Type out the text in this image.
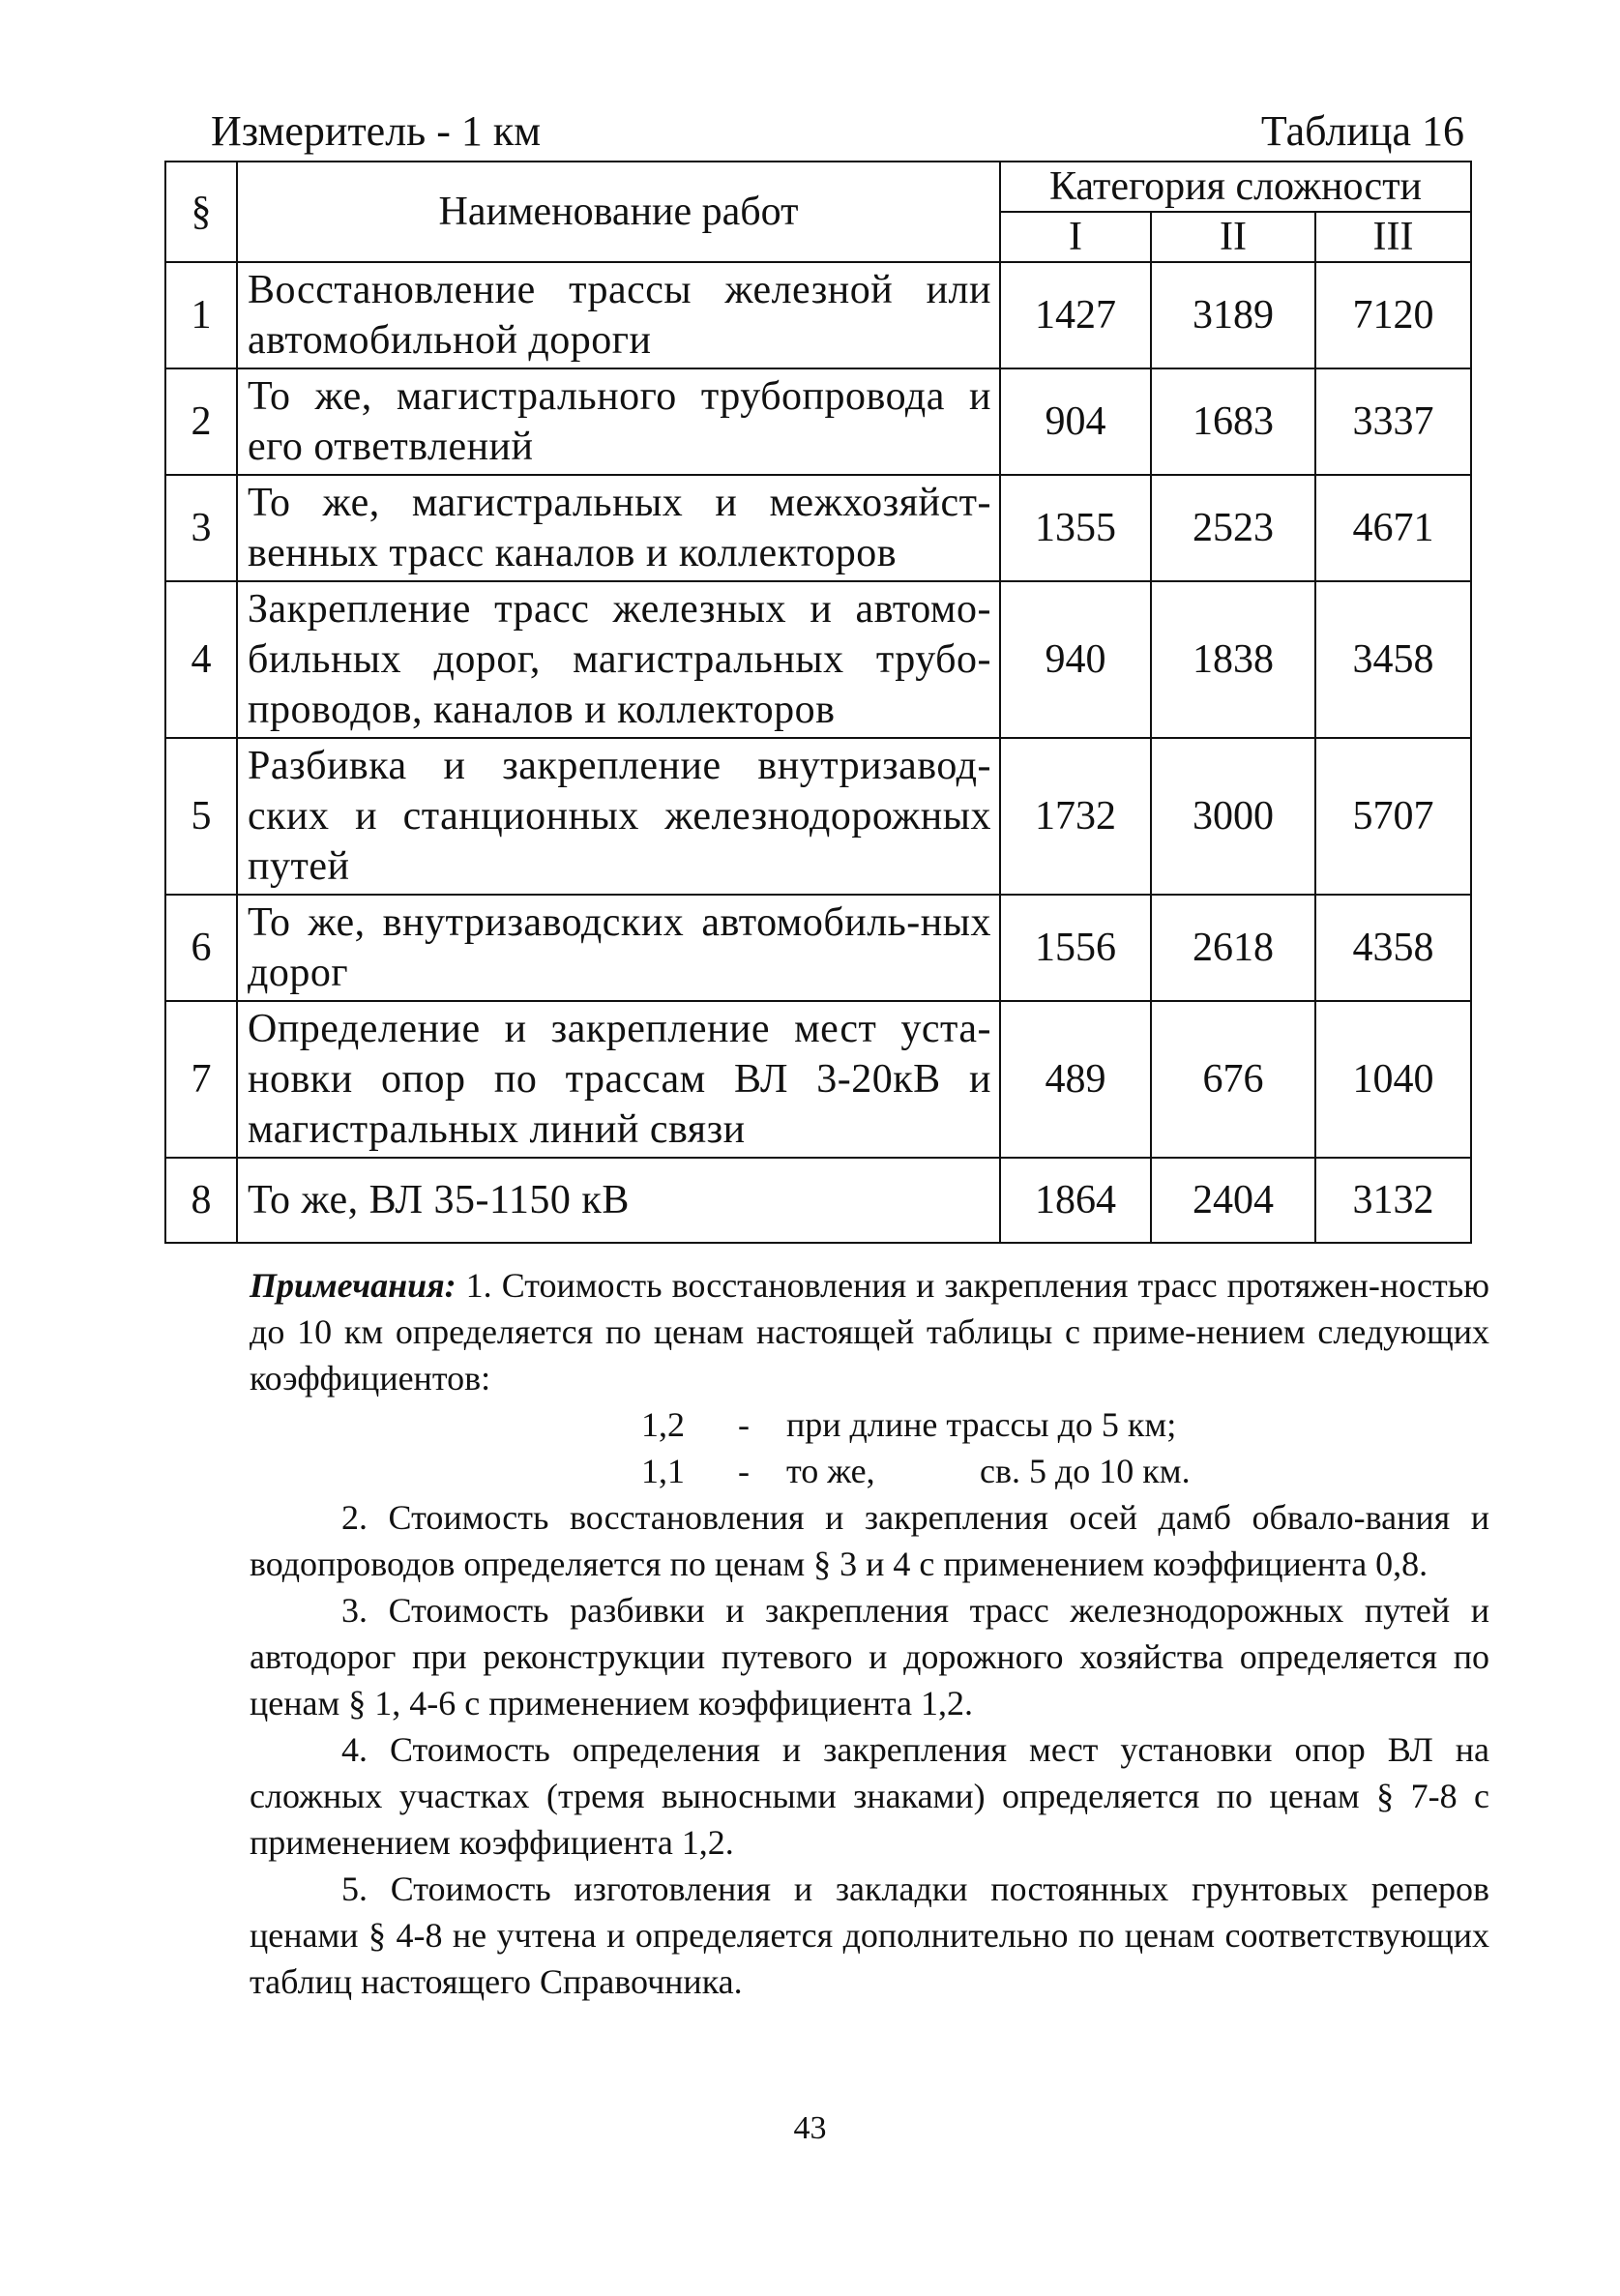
Измеритель - 1 км	Таблица 16
§	Наименование работ	Категория сложности		
		I	II	III
1	Восстановление трассы железной или автомобильной дороги	1427	3189	7120
2	То же, магистрального трубопровода и его ответвлений	904	1683	3337
3	То же, магистральных и межхозяйст-венных трасс каналов и коллекторов	1355	2523	4671
4	Закрепление трасс железных и автомо-бильных дорог, магистральных трубо-проводов, каналов и коллекторов	940	1838	3458
5	Разбивка и закрепление внутризавод-ских и станционных железнодорожных путей	1732	3000	5707
6	То же, внутризаводских автомобиль-ных дорог	1556	2618	4358
7	Определение и закрепление мест уста-новки опор по трассам ВЛ 3-20кВ и магистральных линий связи	489	676	1040
8	То же, ВЛ 35-1150 кВ	1864	2404	3132

Примечания: 1. Стоимость восстановления и закрепления трасс протяжен-ностью до 10 км определяется по ценам настоящей таблицы с приме-нением следующих коэффициентов:

1,2 - при длине трассы до 5 км;
1,1 - то же,	св. 5 до 10 км.

2. Стоимость восстановления и закрепления осей дамб обвало-вания и водопроводов определяется по ценам § 3 и 4 с применением коэффициента 0,8.

3. Стоимость разбивки и закрепления трасс железнодорожных путей и автодорог при реконструкции путевого и дорожного хозяйства определяется по ценам § 1, 4-6 с применением коэффициента 1,2.

4. Стоимость определения и закрепления мест установки опор ВЛ на сложных участках (тремя выносными знаками) определяется по ценам § 7-8 с применением коэффициента 1,2.

5. Стоимость изготовления и закладки постоянных грунтовых реперов ценами § 4-8 не учтена и определяется дополнительно по ценам соответствующих таблиц настоящего Справочника.

43
